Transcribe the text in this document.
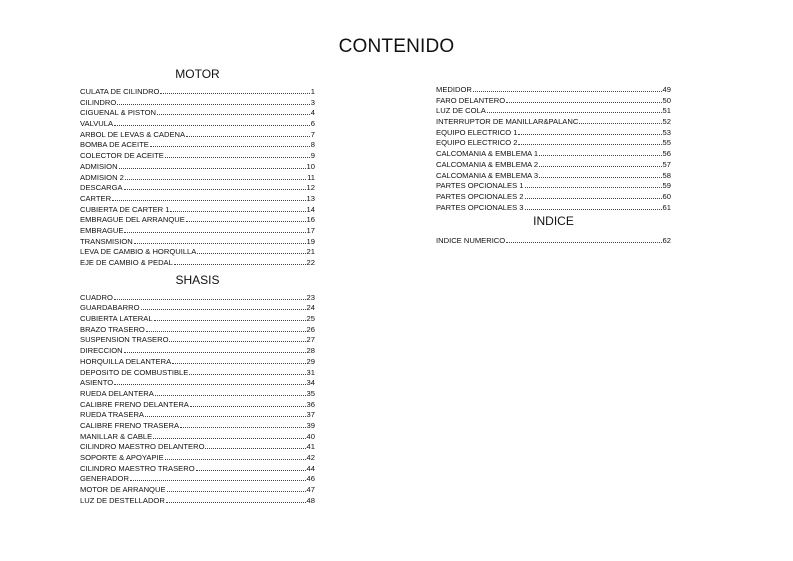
CONTENIDO
MOTOR
CULATA DE CILINDRO	1
CILINDRO	3
CIGUENAL & PISTON	4
VALVULA	6
ARBOL DE LEVAS & CADENA	7
BOMBA DE ACEITE	8
COLECTOR DE ACEITE	9
ADMISION	10
ADMISION 2	11
DESCARGA	12
CARTER	13
CUBIERTA DE CARTER 1	14
EMBRAGUE DEL ARRANQUE	16
EMBRAGUE	17
TRANSMISION	19
LEVA DE CAMBIO & HORQUILLA	21
EJE DE CAMBIO & PEDAL	22
SHASIS
CUADRO	23
GUARDABARRO	24
CUBIERTA LATERAL	25
BRAZO TRASERO	26
SUSPENSION TRASERO	27
DIRECCION	28
HORQUILLA DELANTERA	29
DEPOSITO DE COMBUSTIBLE	31
ASIENTO	34
RUEDA DELANTERA	35
CALIBRE FRENO DELANTERA	36
RUEDA TRASERA	37
CALIBRE FRENO TRASERA	39
MANILLAR & CABLE	40
CILINDRO MAESTRO DELANTERO	41
SOPORTE & APOYAPIE	42
CILINDRO MAESTRO TRASERO	44
GENERADOR	46
MOTOR DE ARRANQUE	47
LUZ DE DESTELLADOR	48
MEDIDOR	49
FARO DELANTERO	50
LUZ DE COLA	51
INTERRUPTOR DE MANILLAR&PALANC	52
EQUIPO ELECTRICO 1	53
EQUIPO ELECTRICO 2	55
CALCOMANIA & EMBLEMA 1	56
CALCOMANIA & EMBLEMA 2	57
CALCOMANIA & EMBLEMA 3	58
PARTES OPCIONALES 1	59
PARTES OPCIONALES 2	60
PARTES OPCIONALES 3	61
INDICE
INDICE NUMERICO	62
